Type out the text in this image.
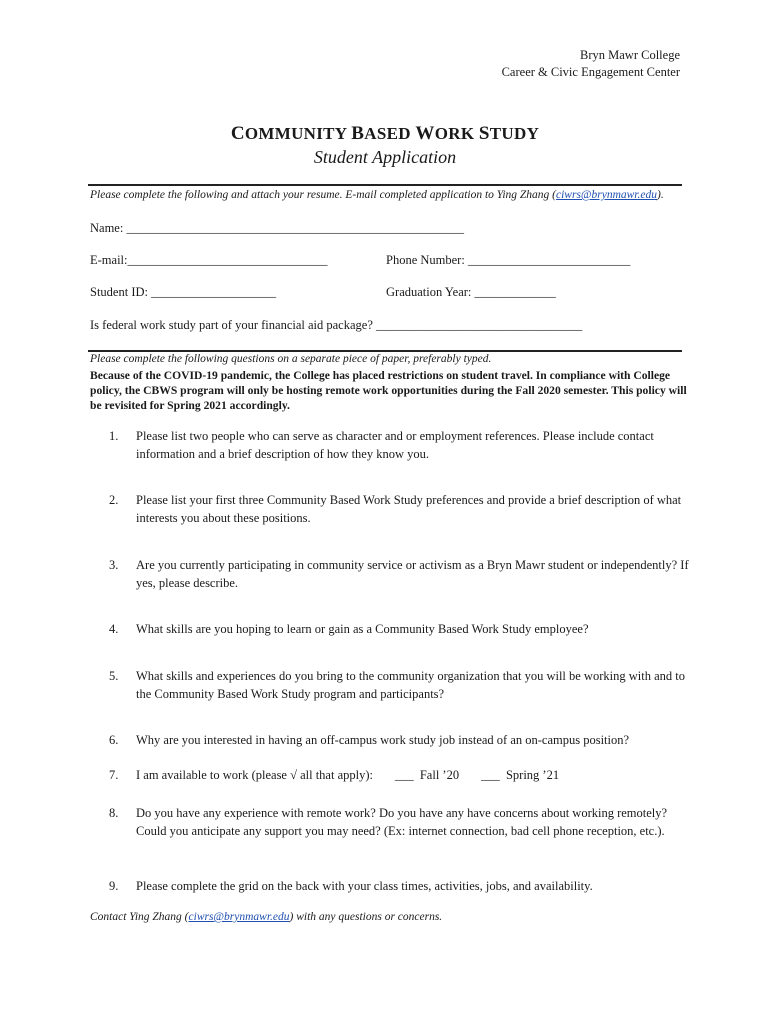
Bryn Mawr College
Career & Civic Engagement Center
COMMUNITY BASED WORK STUDY
Student Application
Please complete the following and attach your resume. E-mail completed application to Ying Zhang (ciwrs@brynmawr.edu).
Name: ______________________________________________________
E-mail:________________________________	Phone Number: __________________________
Student ID: ____________________	Graduation Year: _____________
Is federal work study part of your financial aid package? _________________________________
Please complete the following questions on a separate piece of paper, preferably typed.
Because of the COVID-19 pandemic, the College has placed restrictions on student travel. In compliance with College policy, the CBWS program will only be hosting remote work opportunities during the Fall 2020 semester. This policy will be revisited for Spring 2021 accordingly.
1.	Please list two people who can serve as character and or employment references. Please include contact information and a brief description of how they know you.
2.	Please list your first three Community Based Work Study preferences and provide a brief description of what interests you about these positions.
3.	Are you currently participating in community service or activism as a Bryn Mawr student or independently? If yes, please describe.
4.	What skills are you hoping to learn or gain as a Community Based Work Study employee?
5.	What skills and experiences do you bring to the community organization that you will be working with and to the Community Based Work Study program and participants?
6.	Why are you interested in having an off-campus work study job instead of an on-campus position?
7.	I am available to work (please √ all that apply):       ___  Fall ’20       ___  Spring ’21
8.	Do you have any experience with remote work? Do you have any have concerns about working remotely? Could you anticipate any support you may need? (Ex: internet connection, bad cell phone reception, etc.).
9.	Please complete the grid on the back with your class times, activities, jobs, and availability.
Contact Ying Zhang (ciwrs@brynmawr.edu) with any questions or concerns.
